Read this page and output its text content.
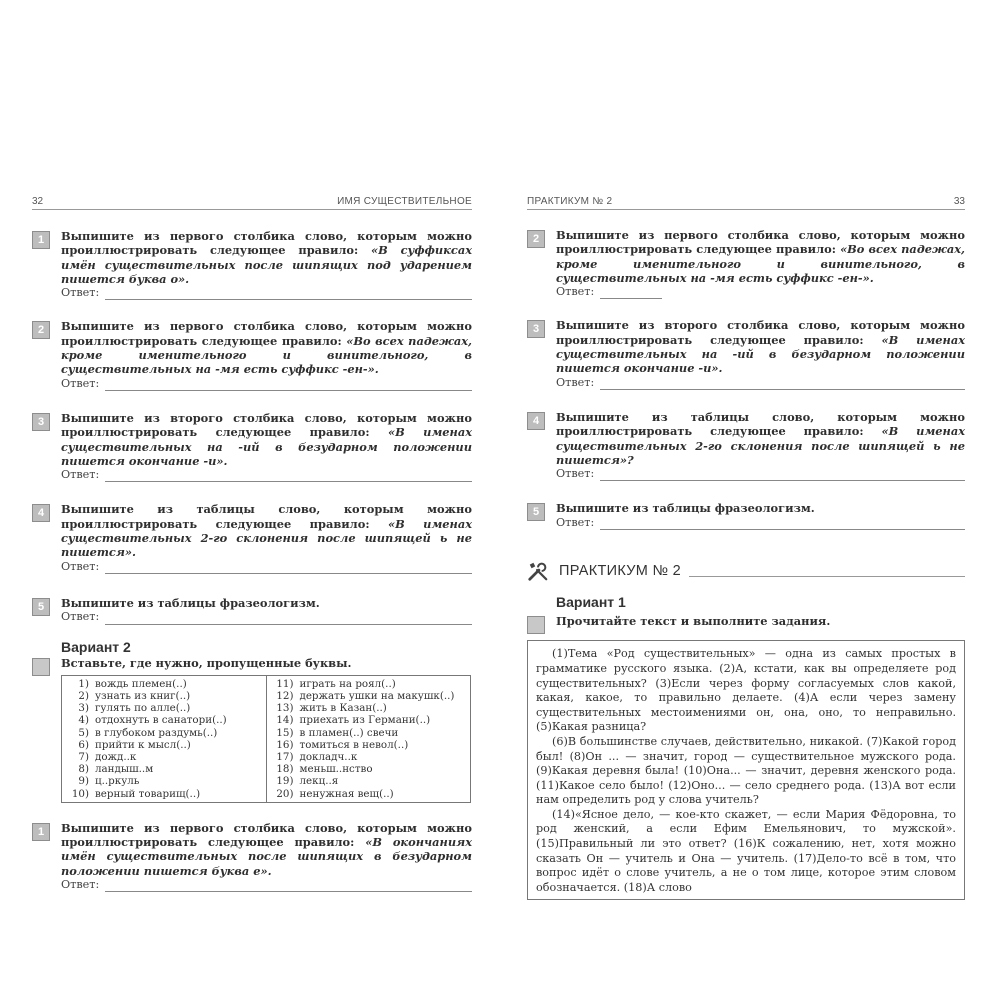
32	ИМЯ СУЩЕСТВИТЕЛЬНОЕ
1	Выпишите из первого столбика слово, которым можно проиллюстрировать следующее правило: «В суффиксах имён существительных после шипящих под ударением пишется буква о».
Ответ:
2	Выпишите из первого столбика слово, которым можно проиллюстрировать следующее правило: «Во всех падежах, кроме именительного и винительного, в существительных на -мя есть суффикс -ен-».
Ответ:
3	Выпишите из второго столбика слово, которым можно проиллюстрировать следующее правило: «В именах существительных на -ий в безударном положении пишется окончание -и».
Ответ:
4	Выпишите из таблицы слово, которым можно проиллюстрировать следующее правило: «В именах существительных 2-го склонения после шипящей ь не пишется».
Ответ:
5	Выпишите из таблицы фразеологизм.
Ответ:
Вариант 2
Вставьте, где нужно, пропущенные буквы.
1) вождь племен(..)
2) узнать из книг(..)
3) гулять по алле(..)
4) отдохнуть в санатори(..)
5) в глубоком раздумь(..)
6) прийти к мысл(..)
7) дожд..к
8) ландыш..м
9) ц..ркуль
10) верный товарищ(..)

11) играть на роял(..)
12) держать ушки на макушк(..)
13) жить в Казан(..)
14) приехать из Германи(..)
15) в пламен(..) свечи
16) томиться в невол(..)
17) докладч..к
18) меньш..нство
19) лекц..я
20) ненужная вещ(..)
1	Выпишите из первого столбика слово, которым можно проиллюстрировать следующее правило: «В окончаниях имён существительных после шипящих в безударном положении пишется буква е».
Ответ:
ПРАКТИКУМ № 2	33
2	Выпишите из первого столбика слово, которым можно проиллюстрировать следующее правило: «Во всех падежах, кроме именительного и винительного, в существительных на -мя есть суффикс -ен-».
Ответ:
3	Выпишите из второго столбика слово, которым можно проиллюстрировать следующее правило: «В именах существительных на -ий в безударном положении пишется окончание -и».
Ответ:
4	Выпишите из таблицы слово, которым можно проиллюстрировать следующее правило: «В именах существительных 2-го склонения после шипящей ь не пишется»?
Ответ:
5	Выпишите из таблицы фразеологизм.
Ответ:
ПРАКТИКУМ № 2
Вариант 1
Прочитайте текст и выполните задания.

(1)Тема «Род существительных» — одна из самых простых в грамматике русского языка. (2)А, кстати, как вы определяете род существительных? (3)Если через форму согласуемых слов какой, какая, какое, то правильно делаете. (4)А если через замену существительных местоимениями он, она, оно, то неправильно. (5)Какая разница?

(6)В большинстве случаев, действительно, никакой. (7)Какой город был! (8)Он ... — значит, город — существительное мужского рода. (9)Какая деревня была! (10)Она... — значит, деревня женского рода. (11)Какое село было! (12)Оно... — село среднего рода. (13)А вот если нам определить род у слова учитель?

(14)«Ясное дело, — кое-кто скажет, — если Мария Фёдоровна, то род женский, а если Ефим Емельянович, то мужской». (15)Правильный ли это ответ? (16)К сожалению, нет, хотя можно сказать Он — учитель и Она — учитель. (17)Дело-то всё в том, что вопрос идёт о слове учитель, а не о том лице, которое этим словом обозначается. (18)А слово
